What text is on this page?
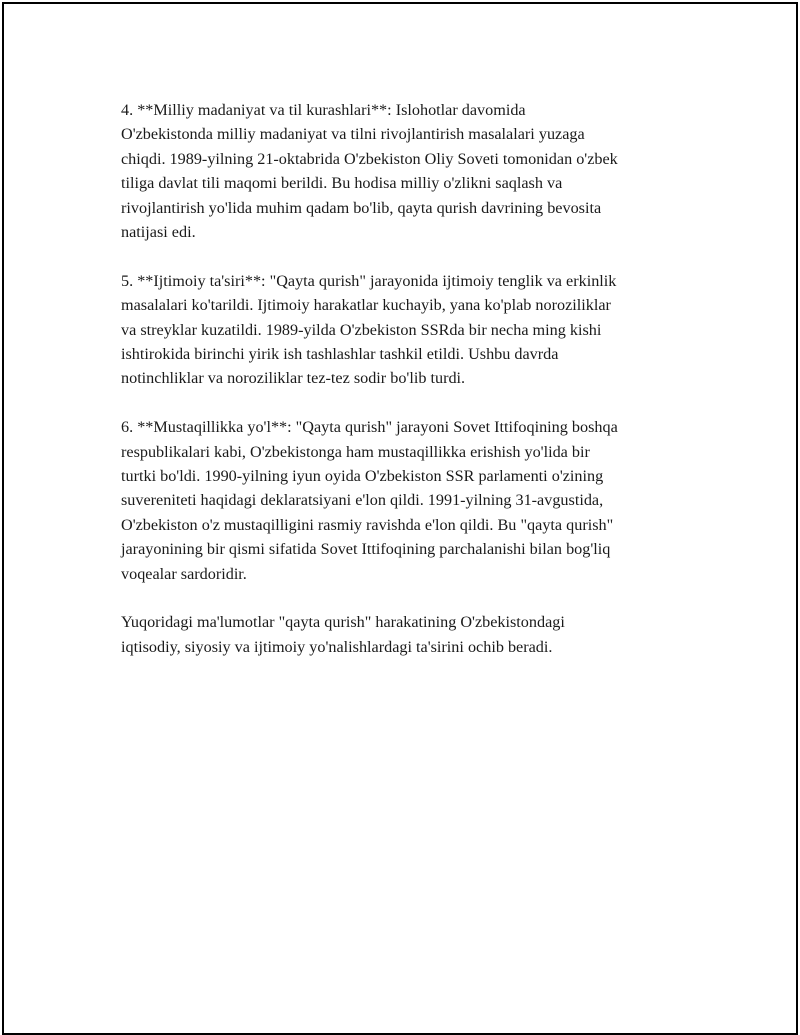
4. **Milliy madaniyat va til kurashlari**: Islohotlar davomida
O'zbekistonda milliy madaniyat va tilni rivojlantirish masalalari yuzaga
chiqdi. 1989-yilning 21-oktabrida O'zbekiston Oliy Soveti tomonidan o'zbek
tiliga davlat tili maqomi berildi. Bu hodisa milliy o'zlikni saqlash va
rivojlantirish yo'lida muhim qadam bo'lib, qayta qurish davrining bevosita
natijasi edi.

5. **Ijtimoiy ta'siri**: "Qayta qurish" jarayonida ijtimoiy tenglik va erkinlik
masalalari ko'tarildi. Ijtimoiy harakatlar kuchayib, yana ko'plab noroziliklar
va streyklar kuzatildi. 1989-yilda O'zbekiston SSRda bir necha ming kishi
ishtirokida birinchi yirik ish tashlashlar tashkil etildi. Ushbu davrda
notinchliklar va noroziliklar tez-tez sodir bo'lib turdi.

6. **Mustaqillikka yo'l**: "Qayta qurish" jarayoni Sovet Ittifoqining boshqa
respublikalari kabi, O'zbekistonga ham mustaqillikka erishish yo'lida bir
turtki bo'ldi. 1990-yilning iyun oyida O'zbekiston SSR parlamenti o'zining
suvereniteti haqidagi deklaratsiyani e'lon qildi. 1991-yilning 31-avgustida,
O'zbekiston o'z mustaqilligini rasmiy ravishda e'lon qildi. Bu "qayta qurish"
jarayonining bir qismi sifatida Sovet Ittifoqining parchalanishi bilan bog'liq
voqealar sardoridir.

Yuqoridagi ma'lumotlar "qayta qurish" harakatining O'zbekistondagi
iqtisodiy, siyosiy va ijtimoiy yo'nalishlardagi ta'sirini ochib beradi.
